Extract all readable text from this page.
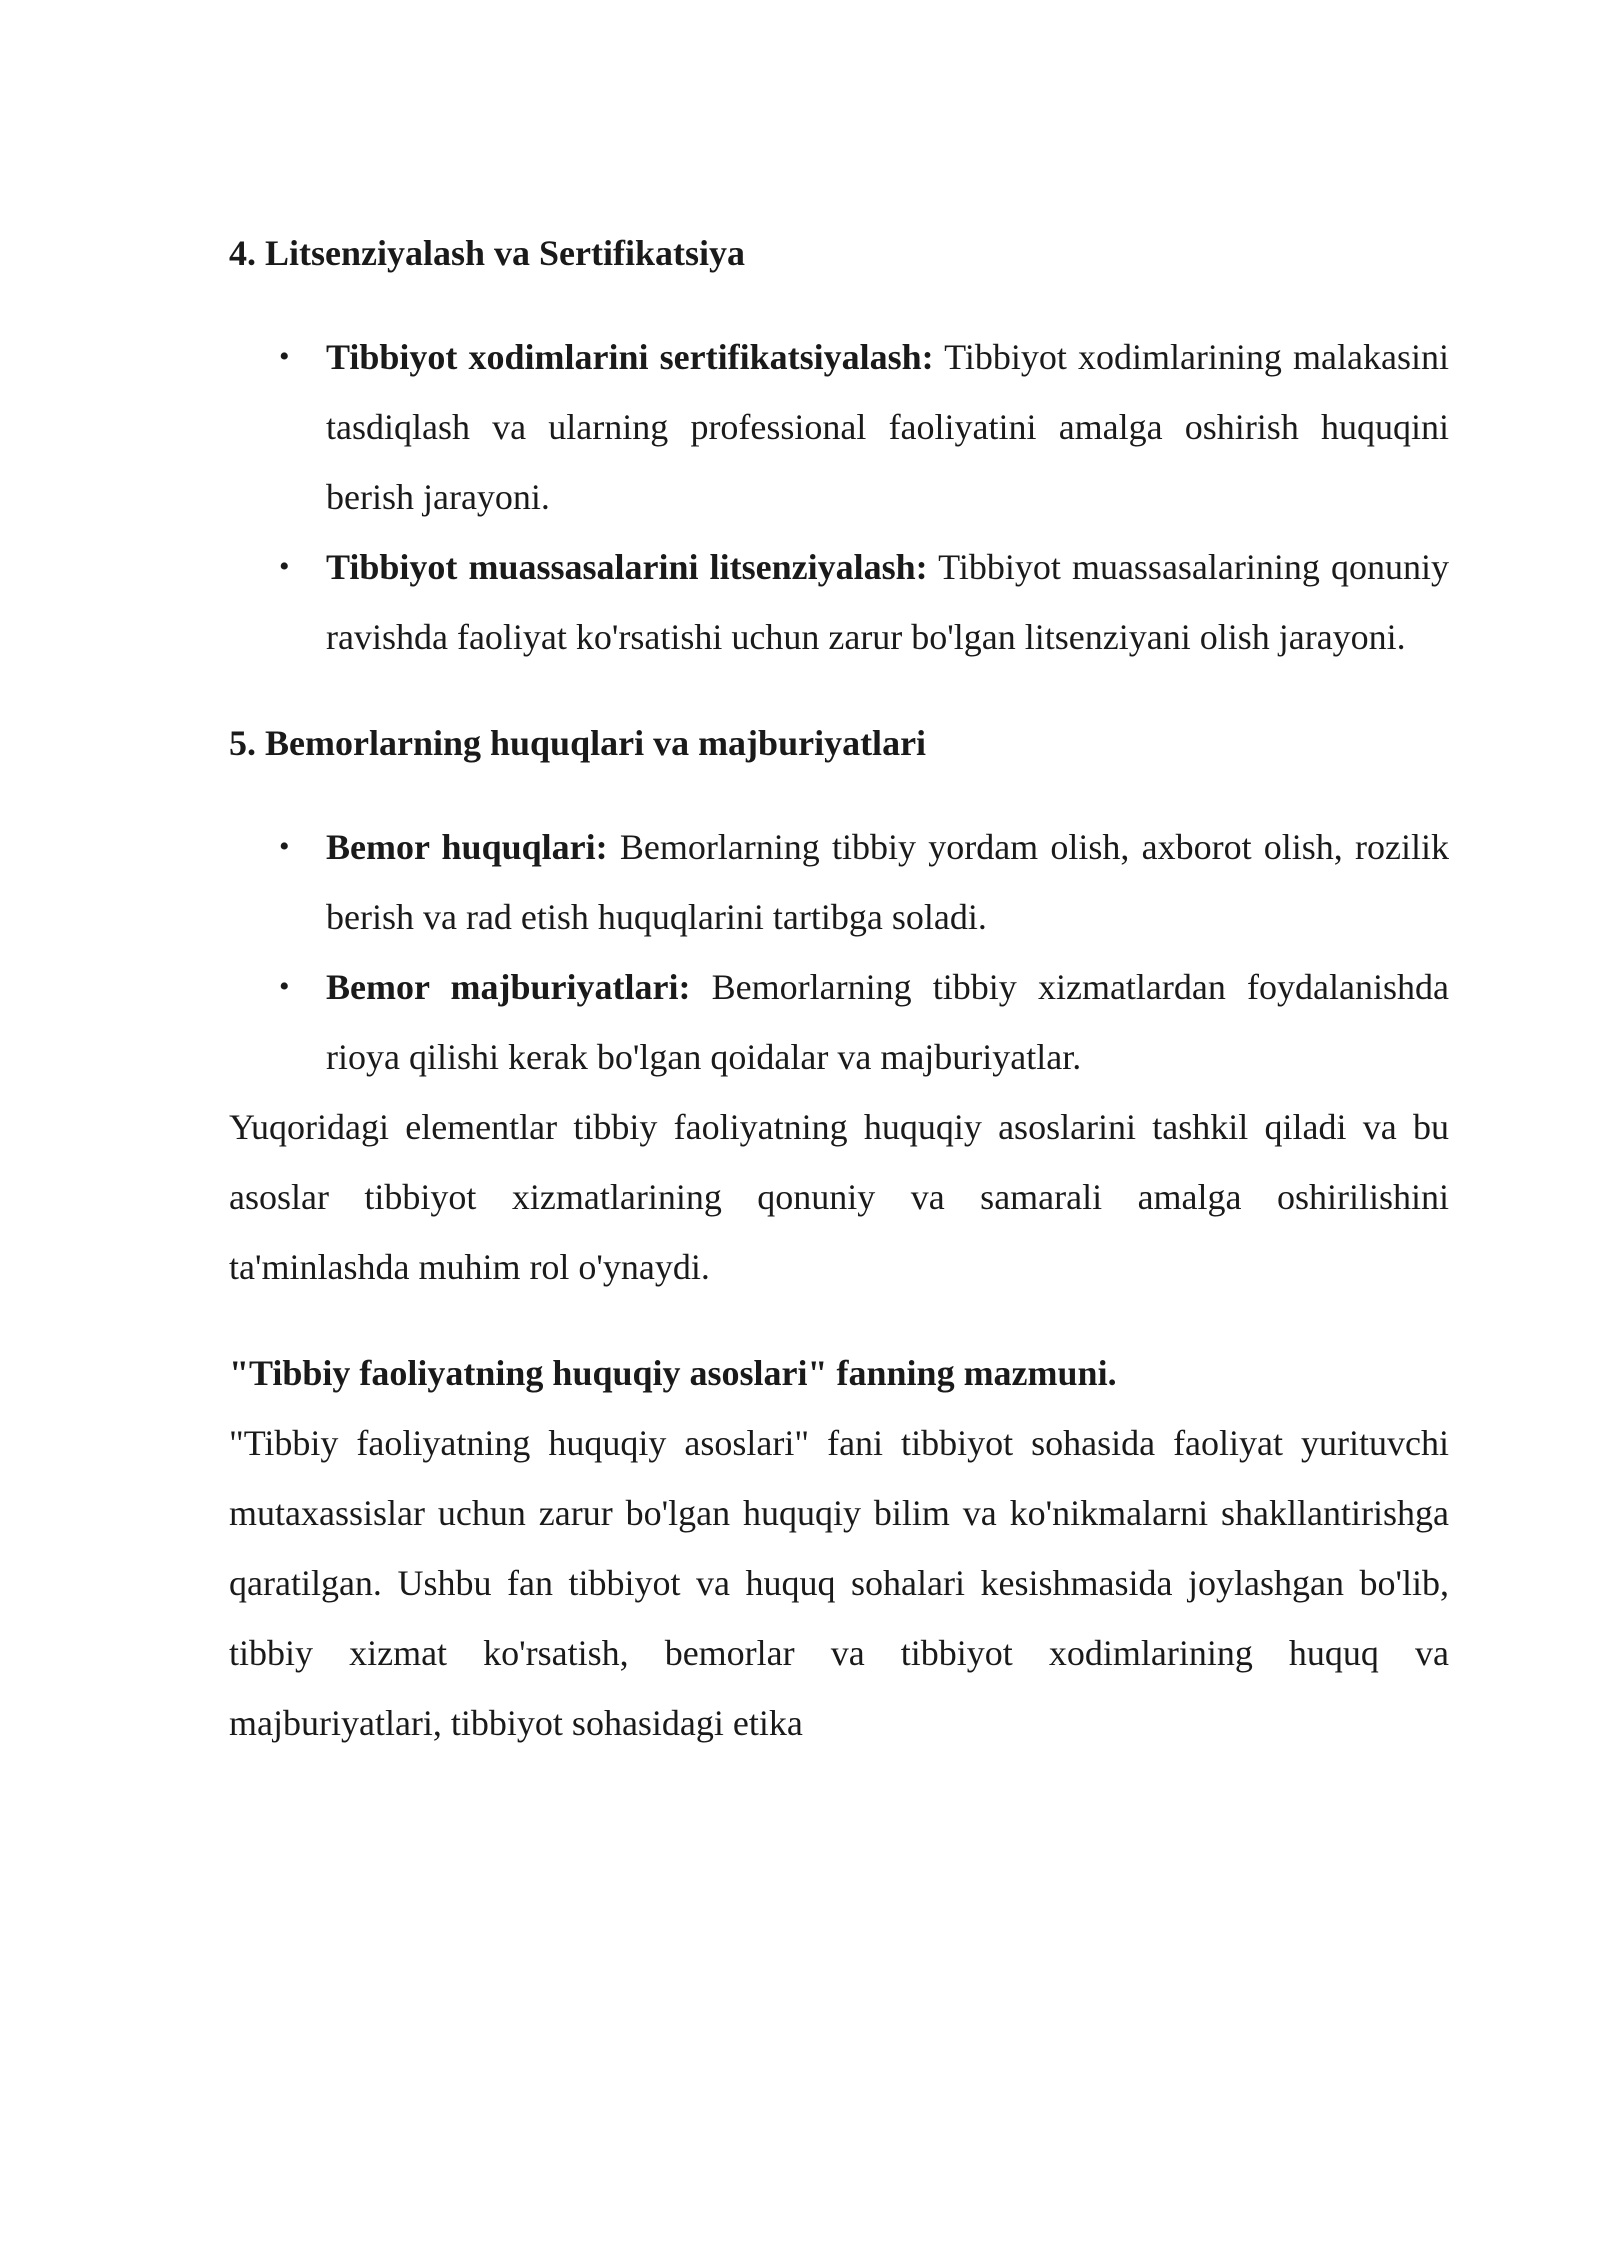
4. Litsenziyalash va Sertifikatsiya
• Tibbiyot xodimlarini sertifikatsiyalash: Tibbiyot xodimlarining malakasini tasdiqlash va ularning professional faoliyatini amalga oshirish huquqini berish jarayoni.
• Tibbiyot muassasalarini litsenziyalash: Tibbiyot muassasalarining qonuniy ravishda faoliyat ko'rsatishi uchun zarur bo'lgan litsenziyani olish jarayoni.
5. Bemorlarning huquqlari va majburiyatlari
• Bemor huquqlari: Bemorlarning tibbiy yordam olish, axborot olish, rozilik berish va rad etish huquqlarini tartibga soladi.
• Bemor majburiyatlari: Bemorlarning tibbiy xizmatlardan foydalanishda rioya qilishi kerak bo'lgan qoidalar va majburiyatlar.

Yuqoridagi elementlar tibbiy faoliyatning huquqiy asoslarini tashkil qiladi va bu asoslar tibbiyot xizmatlarining qonuniy va samarali amalga oshirilishini ta'minlashda muhim rol o'ynaydi.

"Tibbiy faoliyatning huquqiy asoslari" fanning mazmuni.

"Tibbiy faoliyatning huquqiy asoslari" fani tibbiyot sohasida faoliyat yurituvchi mutaxassislar uchun zarur bo'lgan huquqiy bilim va ko'nikmalarni shakllantirishga qaratilgan. Ushbu fan tibbiyot va huquq sohalari kesishmasida joylashgan bo'lib, tibbiy xizmat ko'rsatish, bemorlar va tibbiyot xodimlarining huquq va majburiyatlari, tibbiyot sohasidagi etika
